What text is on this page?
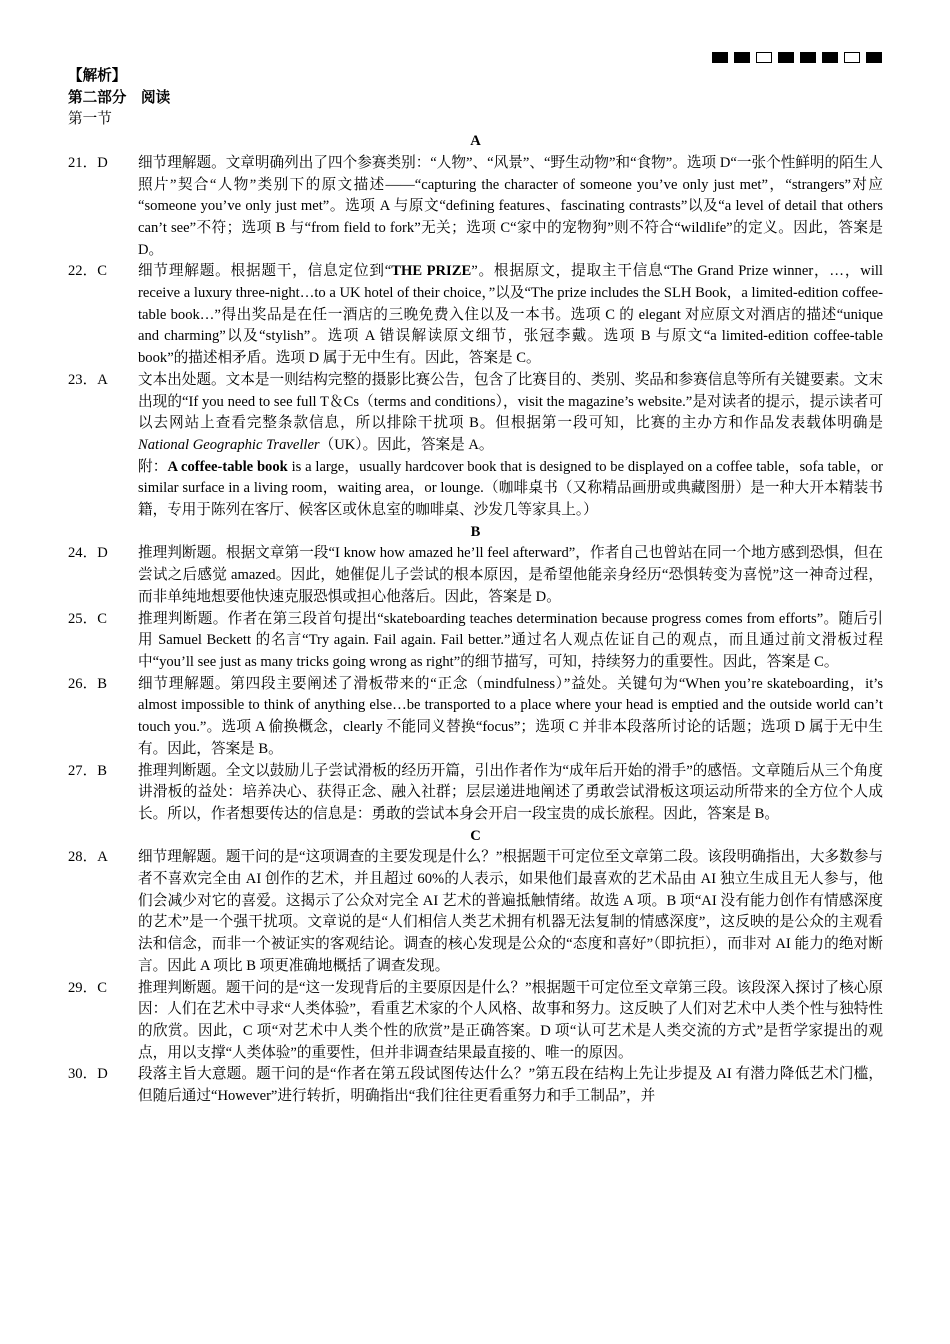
【解析】
第二部分　阅读
第一节
A
21．D	细节理解题。文章明确列出了四个参赛类别：“人物”、“风景”、“野生动物”和“食物”。选项 D“一张个性鲜明的陌生人照片”契合“人物”类别下的原文描述——“capturing the character of someone you’ve only just met”，“strangers”对应 “someone you’ve only just met”。选项 A 与原文“defining features、fascinating contrasts”以及“a level of detail that others can’t see”不符；选项 B 与“from field to fork”无关；选项 C“家中的宠物狗”则不符合“wildlife”的定义。因此，答案是 D。
22．C	细节理解题。根据题干，信息定位到“THE PRIZE”。根据原文，提取主干信息“The Grand Prize winner，…，will receive a luxury three-night…to a UK hotel of their choice，”以及“The prize includes the SLH Book，a limited-edition coffee-table book…”得出奖品是在任一酒店的三晚免费入住以及一本书。选项 C 的 elegant 对应原文对酒店的描述“unique and charming”以及“stylish”。选项 A 错误解读原文细节，张冠李戴。选项 B 与原文“a limited-edition coffee-table book”的描述相矛盾。选项 D 属于无中生有。因此，答案是 C。
23．A	文本出处题。文本是一则结构完整的摄影比赛公告，包含了比赛目的、类别、奖品和参赛信息等所有关键要素。文末出现的“If you need to see full T＆Cs（terms and conditions），visit the magazine’s website.”是对读者的提示，提示读者可以去网站上查看完整条款信息，所以排除干扰项 B。但根据第一段可知，比赛的主办方和作品发表载体明确是 National Geographic Traveller（UK）。因此，答案是 A。
附：A coffee-table book is a large，usually hardcover book that is designed to be displayed on a coffee table，sofa table，or similar surface in a living room，waiting area，or lounge.（咖啡桌书（又称精品画册或典藏图册）是一种大开本精装书籍，专用于陈列在客厅、候客区或休息室的咖啡桌、沙发几等家具上。）
B
24．D	推理判断题。根据文章第一段“I know how amazed he’ll feel afterward”，作者自己也曾站在同一个地方感到恐惧，但在尝试之后感觉 amazed。因此，她催促儿子尝试的根本原因，是希望他能亲身经历“恐惧转变为喜悦”这一神奇过程，而非单纯地想要他快速克服恐惧或担心他落后。因此，答案是 D。
25．C	推理判断题。作者在第三段首句提出“skateboarding teaches determination because progress comes from efforts”。随后引用 Samuel Beckett 的名言“Try again. Fail again. Fail better.”通过名人观点佐证自己的观点，而且通过前文滑板过程中“you’ll see just as many tricks going wrong as right”的细节描写，可知，持续努力的重要性。因此，答案是 C。
26．B	细节理解题。第四段主要阐述了滑板带来的“正念（mindfulness）”益处。关键句为“When you’re skateboarding，it’s almost impossible to think of anything else…be transported to a place where your head is emptied and the outside world can’t touch you.”。选项 A 偷换概念，clearly 不能同义替换“focus”；选项 C 并非本段落所讨论的话题；选项 D 属于无中生有。因此，答案是 B。
27．B	推理判断题。全文以鼓励儿子尝试滑板的经历开篇，引出作者作为“成年后开始的滑手”的感悟。文章随后从三个角度讲滑板的益处：培养决心、获得正念、融入社群；层层递进地阐述了勇敢尝试滑板这项运动所带来的全方位个人成长。所以，作者想要传达的信息是：勇敢的尝试本身会开启一段宝贵的成长旅程。因此，答案是 B。
C
28．A	细节理解题。题干问的是“这项调查的主要发现是什么？”根据题干可定位至文章第二段。该段明确指出，大多数参与者不喜欢完全由 AI 创作的艺术，并且超过 60%的人表示，如果他们最喜欢的艺术品由 AI 独立生成且无人参与，他们会减少对它的喜爱。这揭示了公众对完全 AI 艺术的普遍抵触情绪。故选 A 项。B 项“AI 没有能力创作有情感深度的艺术”是一个强干扰项。文章说的是“人们相信人类艺术拥有机器无法复制的情感深度”，这反映的是公众的主观看法和信念，而非一个被证实的客观结论。调查的核心发现是公众的“态度和喜好”（即抗拒），而非对 AI 能力的绝对断言。因此 A 项比 B 项更准确地概括了调查发现。
29．C	推理判断题。题干问的是“这一发现背后的主要原因是什么？”根据题干可定位至文章第三段。该段深入探讨了核心原因：人们在艺术中寻求“人类体验”，看重艺术家的个人风格、故事和努力。这反映了人们对艺术中人类个性与独特性的欣赏。因此，C 项“对艺术中人类个性的欣赏”是正确答案。D 项“认可艺术是人类交流的方式”是哲学家提出的观点，用以支撑“人类体验”的重要性，但并非调查结果最直接的、唯一的原因。
30．D	段落主旨大意题。题干问的是“作者在第五段试图传达什么？”第五段在结构上先让步提及 AI 有潜力降低艺术门槛，但随后通过“However”进行转折，明确指出“我们往往更看重努力和手工制品”，并
